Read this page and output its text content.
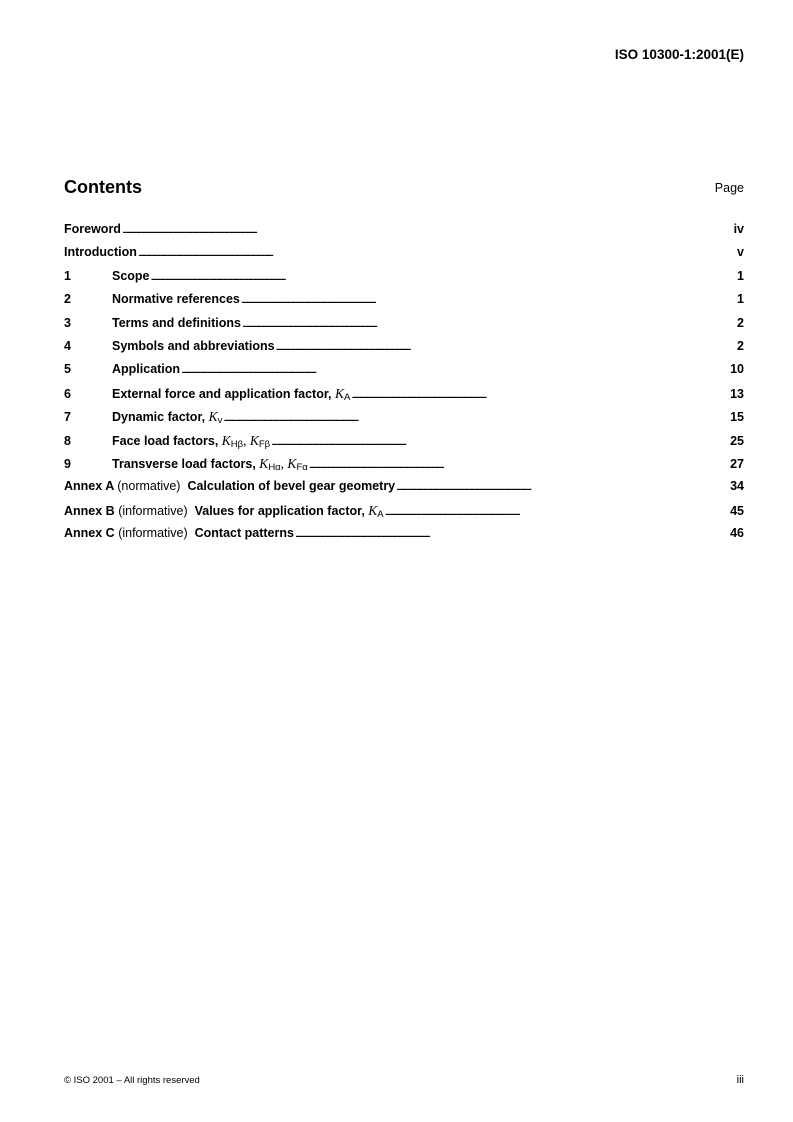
ISO 10300-1:2001(E)
Contents	Page
Foreword . . .	iv
Introduction . . .	v
1	Scope . . .	1
2	Normative references . . .	1
3	Terms and definitions . . .	2
4	Symbols and abbreviations . . .	2
5	Application . . .	10
6	External force and application factor, $K_A$ . . .	13
7	Dynamic factor, $K_v$ . . .	15
8	Face load factors, $K_{H\beta}$, $K_{F\beta}$ . . .	25
9	Transverse load factors, $K_{H\alpha}$, $K_{F\alpha}$ . . .	27
Annex A (normative) Calculation of bevel gear geometry . . .	34
Annex B (informative) Values for application factor, $K_A$ . . .	45
Annex C (informative) Contact patterns . . .	46
© ISO 2001 – All rights reserved	iii
